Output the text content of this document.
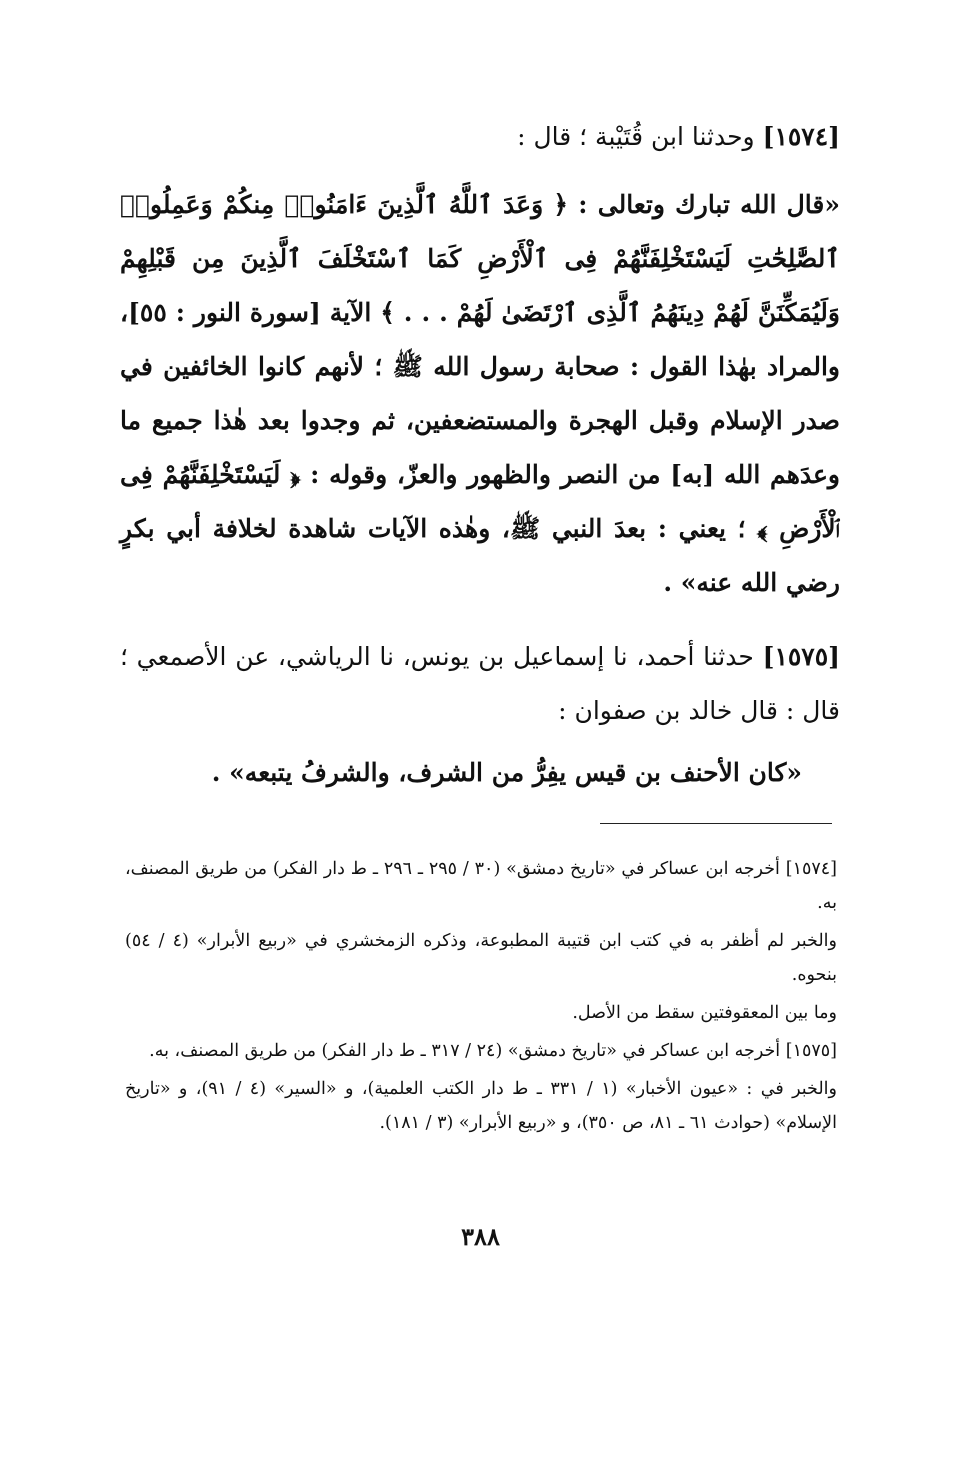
[١٥٧٤] وحدثنا ابن قُتَيْبة ؛ قال :

«قال الله تبارك وتعالى : ﴿ وَعَدَ ٱللَّهُ ٱلَّذِينَ ءَامَنُوا۟ مِنكُمْ وَعَمِلُوا۟ ٱلصَّٰلِحَٰتِ لَيَسْتَخْلِفَنَّهُمْ فِى ٱلْأَرْضِ كَمَا ٱسْتَخْلَفَ ٱلَّذِينَ مِن قَبْلِهِمْ وَلَيُمَكِّنَنَّ لَهُمْ دِينَهُمُ ٱلَّذِى ٱرْتَضَىٰ لَهُمْ . . . ﴾ الآية [سورة النور : ٥٥]، والمراد بهٰذا القول : صحابة رسول الله ﷺ ؛ لأنهم كانوا الخائفين في صدر الإسلام وقبل الهجرة والمستضعفين، ثم وجدوا بعد هٰذا جميع ما وعدَهم الله [به] من النصر والظهور والعزّ، وقوله : ﴿ لَيَسْتَخْلِفَنَّهُمْ فِى ٱلْأَرْضِ ﴾ ؛ يعني : بعدَ النبي ﷺ، وهٰذه الآيات شاهدة لخلافة أبي بكرٍ رضي الله عنه» .

[١٥٧٥] حدثنا أحمد، نا إسماعيل بن يونس، نا الرياشي، عن الأصمعي ؛ قال : قال خالد بن صفوان :

«كان الأحنف بن قيس يفِرُّ من الشرف، والشرفُ يتبعه» .

[١٥٧٤] أخرجه ابن عساكر في «تاريخ دمشق» (٣٠ / ٢٩٥ ـ ٢٩٦ ـ ط دار الفكر) من طريق المصنف، به.

والخبر لم أظفر به في كتب ابن قتيبة المطبوعة، وذكره الزمخشري في «ربيع الأبرار» (٤ / ٥٤) بنحوه.

وما بين المعقوفتين سقط من الأصل.

[١٥٧٥] أخرجه ابن عساكر في «تاريخ دمشق» (٢٤ / ٣١٧ ـ ط دار الفكر) من طريق المصنف، به.

والخبر في : «عيون الأخبار» (١ / ٣٣١ ـ ط دار الكتب العلمية)، و «السير» (٤ / ٩١)، و «تاريخ الإسلام» (حوادث ٦١ ـ ٨١، ص ٣٥٠)، و «ربيع الأبرار» (٣ / ١٨١).

٣٨٨
